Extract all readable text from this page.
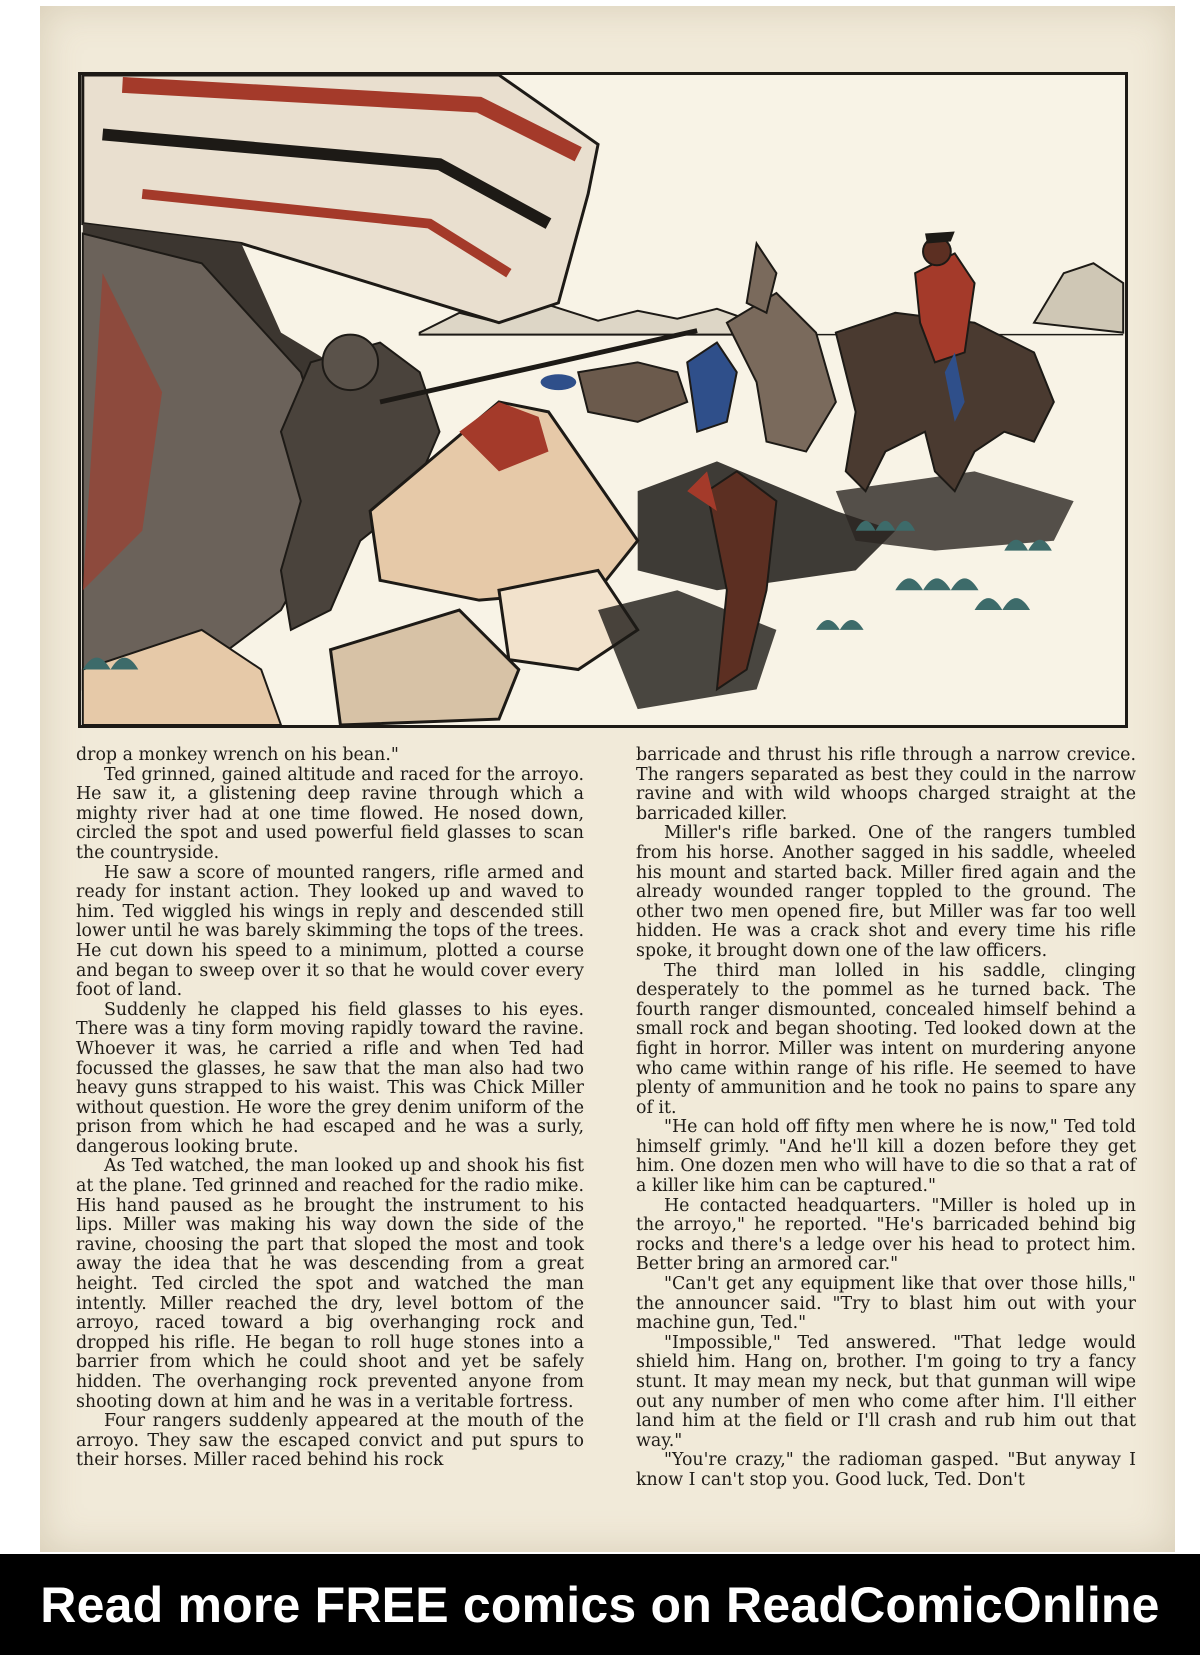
drop a monkey wrench on his bean."

Ted grinned, gained altitude and raced for the arroyo. He saw it, a glistening deep ravine through which a mighty river had at one time flowed. He nosed down, circled the spot and used powerful field glasses to scan the countryside.

He saw a score of mounted rangers, rifle armed and ready for instant action. They looked up and waved to him. Ted wiggled his wings in reply and descended still lower until he was barely skimming the tops of the trees. He cut down his speed to a minimum, plotted a course and began to sweep over it so that he would cover every foot of land.

Suddenly he clapped his field glasses to his eyes. There was a tiny form moving rapidly toward the ravine. Whoever it was, he carried a rifle and when Ted had focussed the glasses, he saw that the man also had two heavy guns strapped to his waist. This was Chick Miller without question. He wore the grey denim uniform of the prison from which he had escaped and he was a surly, dangerous looking brute.

As Ted watched, the man looked up and shook his fist at the plane. Ted grinned and reached for the radio mike. His hand paused as he brought the instrument to his lips. Miller was making his way down the side of the ravine, choosing the part that sloped the most and took away the idea that he was descending from a great height. Ted circled the spot and watched the man intently. Miller reached the dry, level bottom of the arroyo, raced toward a big overhanging rock and dropped his rifle. He began to roll huge stones into a barrier from which he could shoot and yet be safely hidden. The overhanging rock prevented anyone from shooting down at him and he was in a veritable fortress.

Four rangers suddenly appeared at the mouth of the arroyo. They saw the escaped convict and put spurs to their horses. Miller raced behind his rock

barricade and thrust his rifle through a narrow crevice. The rangers separated as best they could in the narrow ravine and with wild whoops charged straight at the barricaded killer.

Miller's rifle barked. One of the rangers tumbled from his horse. Another sagged in his saddle, wheeled his mount and started back. Miller fired again and the already wounded ranger toppled to the ground. The other two men opened fire, but Miller was far too well hidden. He was a crack shot and every time his rifle spoke, it brought down one of the law officers.

The third man lolled in his saddle, clinging desperately to the pommel as he turned back. The fourth ranger dismounted, concealed himself behind a small rock and began shooting. Ted looked down at the fight in horror. Miller was intent on murdering anyone who came within range of his rifle. He seemed to have plenty of ammunition and he took no pains to spare any of it.

"He can hold off fifty men where he is now," Ted told himself grimly. "And he'll kill a dozen before they get him. One dozen men who will have to die so that a rat of a killer like him can be captured."

He contacted headquarters. "Miller is holed up in the arroyo," he reported. "He's barricaded behind big rocks and there's a ledge over his head to protect him. Better bring an armored car."

"Can't get any equipment like that over those hills," the announcer said. "Try to blast him out with your machine gun, Ted."

"Impossible," Ted answered. "That ledge would shield him. Hang on, brother. I'm going to try a fancy stunt. It may mean my neck, but that gunman will wipe out any number of men who come after him. I'll either land him at the field or I'll crash and rub him out that way."

"You're crazy," the radioman gasped. "But anyway I know I can't stop you. Good luck, Ted. Don't

Read more FREE comics on ReadComicOnline
